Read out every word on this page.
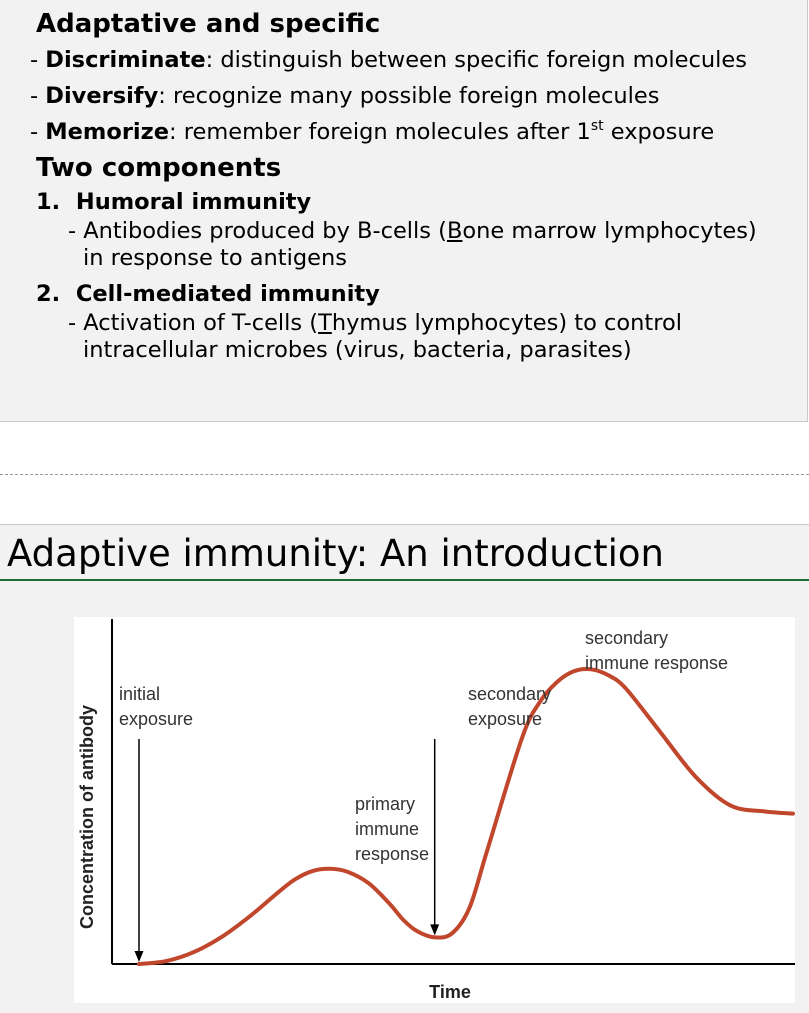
Adaptative and specific
- Discriminate: distinguish between specific foreign molecules
- Diversify: recognize many possible foreign molecules
- Memorize: remember foreign molecules after 1st exposure
Two components
1.  Humoral immunity
- Antibodies produced by B-cells (Bone marrow lymphocytes)
in response to antigens
2.  Cell-mediated immunity
- Activation of T-cells (Thymus lymphocytes) to control
intracellular microbes (virus, bacteria, parasites)
Adaptive immunity: An introduction
Time
Concentration of antibody
initial exposure
primary immune response
secondary exposure
secondary immune response
